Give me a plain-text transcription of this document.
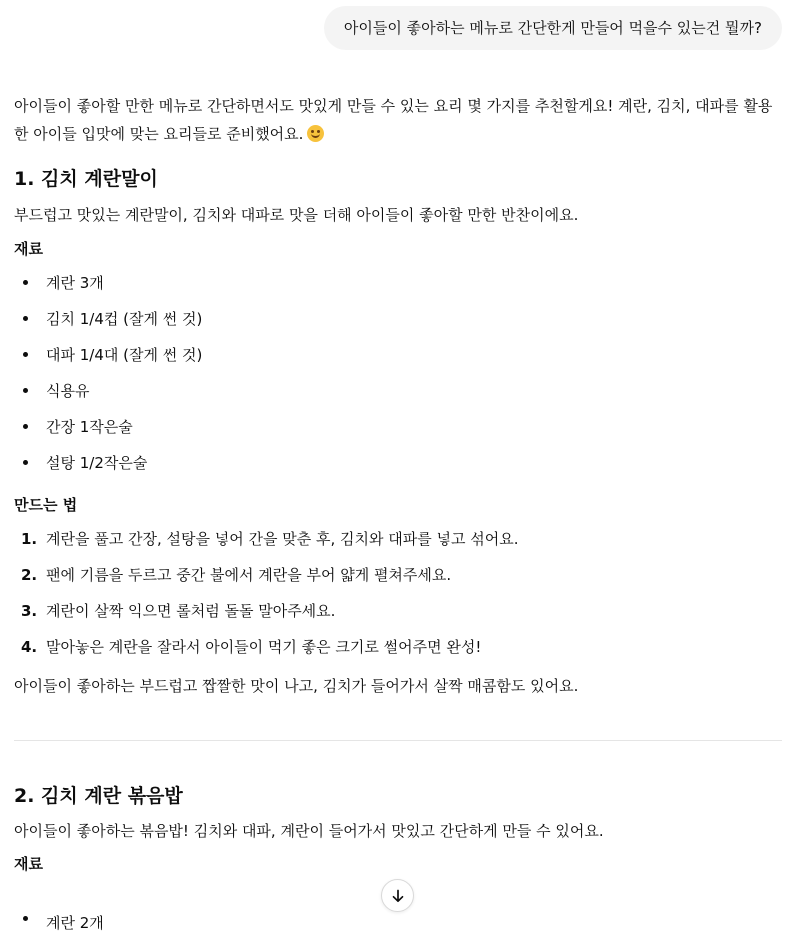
아이들이 좋아하는 메뉴로 간단한게 만들어 먹을수 있는건 뭘까?

아이들이 좋아할 만한 메뉴로 간단하면서도 맛있게 만들 수 있는 요리 몇 가지를 추천할게요! 계란, 김치, 대파를 활용한 아이들 입맛에 맞는 요리들로 준비했어요.

1. 김치 계란말이

부드럽고 맛있는 계란말이, 김치와 대파로 맛을 더해 아이들이 좋아할 만한 반찬이에요.

재료
계란 3개
김치 1/4컵 (잘게 썬 것)
대파 1/4대 (잘게 썬 것)
식용유
간장 1작은술
설탕 1/2작은술
만드는 법
1. 계란을 풀고 간장, 설탕을 넣어 간을 맞춘 후, 김치와 대파를 넣고 섞어요.
2. 팬에 기름을 두르고 중간 불에서 계란을 부어 얇게 펼쳐주세요.
3. 계란이 살짝 익으면 롤처럼 돌돌 말아주세요.
4. 말아놓은 계란을 잘라서 아이들이 먹기 좋은 크기로 썰어주면 완성!

아이들이 좋아하는 부드럽고 짭짤한 맛이 나고, 김치가 들어가서 살짝 매콤함도 있어요.

2. 김치 계란 볶음밥

아이들이 좋아하는 볶음밥! 김치와 대파, 계란이 들어가서 맛있고 간단하게 만들 수 있어요.

재료
계란 2개
